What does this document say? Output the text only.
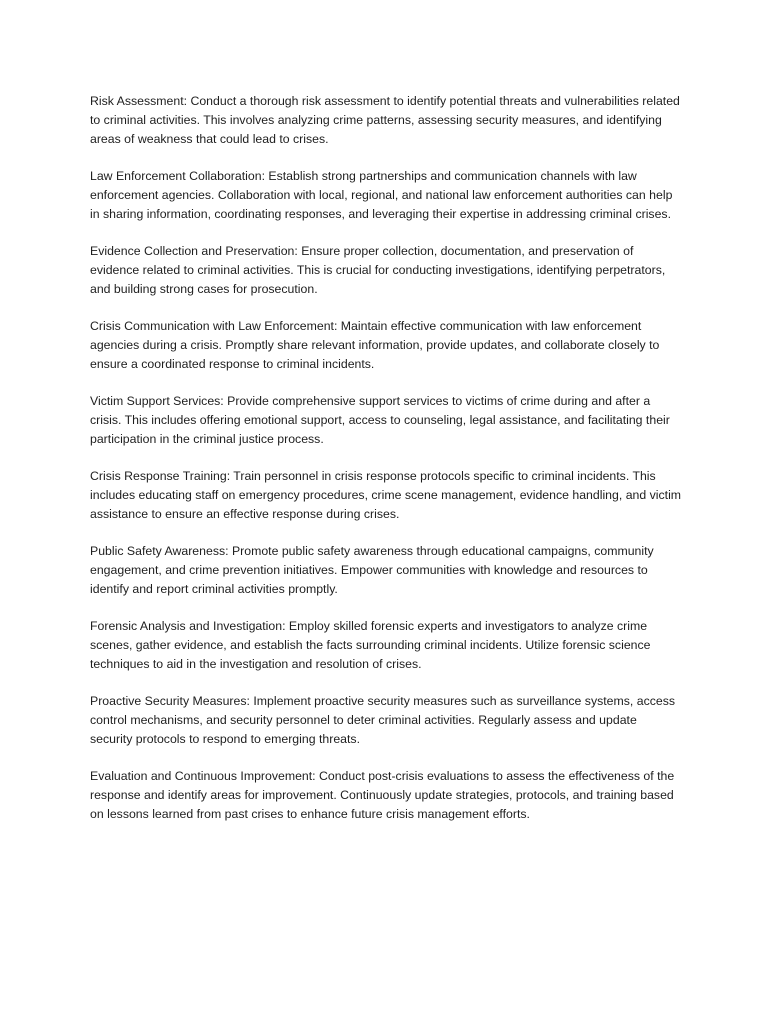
Risk Assessment: Conduct a thorough risk assessment to identify potential threats and vulnerabilities related to criminal activities. This involves analyzing crime patterns, assessing security measures, and identifying areas of weakness that could lead to crises.

Law Enforcement Collaboration: Establish strong partnerships and communication channels with law enforcement agencies. Collaboration with local, regional, and national law enforcement authorities can help in sharing information, coordinating responses, and leveraging their expertise in addressing criminal crises.

Evidence Collection and Preservation: Ensure proper collection, documentation, and preservation of evidence related to criminal activities. This is crucial for conducting investigations, identifying perpetrators, and building strong cases for prosecution.

Crisis Communication with Law Enforcement: Maintain effective communication with law enforcement agencies during a crisis. Promptly share relevant information, provide updates, and collaborate closely to ensure a coordinated response to criminal incidents.

Victim Support Services: Provide comprehensive support services to victims of crime during and after a crisis. This includes offering emotional support, access to counseling, legal assistance, and facilitating their participation in the criminal justice process.

Crisis Response Training: Train personnel in crisis response protocols specific to criminal incidents. This includes educating staff on emergency procedures, crime scene management, evidence handling, and victim assistance to ensure an effective response during crises.

Public Safety Awareness: Promote public safety awareness through educational campaigns, community engagement, and crime prevention initiatives. Empower communities with knowledge and resources to identify and report criminal activities promptly.

Forensic Analysis and Investigation: Employ skilled forensic experts and investigators to analyze crime scenes, gather evidence, and establish the facts surrounding criminal incidents. Utilize forensic science techniques to aid in the investigation and resolution of crises.

Proactive Security Measures: Implement proactive security measures such as surveillance systems, access control mechanisms, and security personnel to deter criminal activities. Regularly assess and update security protocols to respond to emerging threats.

Evaluation and Continuous Improvement: Conduct post-crisis evaluations to assess the effectiveness of the response and identify areas for improvement. Continuously update strategies, protocols, and training based on lessons learned from past crises to enhance future crisis management efforts.
